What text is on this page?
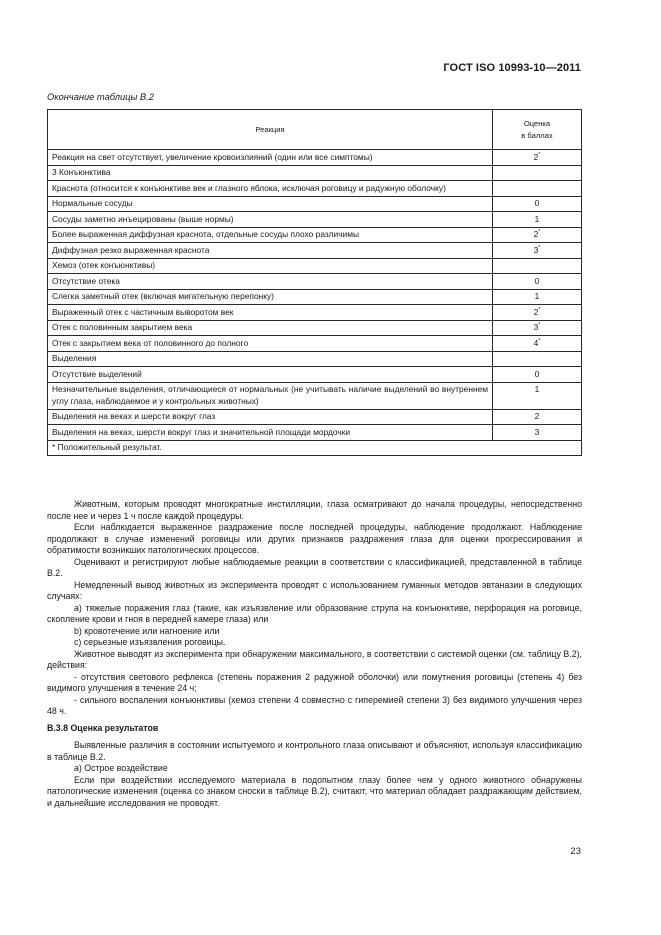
ГОСТ ISO 10993-10—2011
Окончание таблицы В.2
Реакция	Оценка
в баллах
Реакция на свет отсутствует, увеличение кровоизлияний (один или все симптомы)	2*
3 Конъюнктива	
Краснота (относится к конъюнктиве век и глазного яблока, исключая роговицу и радужную оболочку)	
Нормальные сосуды	0
Сосуды заметно инъецированы (выше нормы)	1
Более выраженная диффузная краснота, отдельные сосуды плохо различимы	2*
Диффузная резко выраженная краснота	3*
Хемоз (отек конъюнктивы)	
Отсутствие отека	0
Слегка заметный отек (включая мигательную перепонку)	1
Выраженный отек с частичным выворотом век	2*
Отек с половинным закрытием века	3*
Отек с закрытием века от половинного до полного	4*
Выделения	
Отсутствие выделений	0
Незначительные выделения, отличающиеся от нормальных (не учитывать наличие выделений во внутреннем углу глаза, наблюдаемое и у контрольных животных)	1
Выделения на веках и шерсти вокруг глаз	2
Выделения на веках, шерсти вокруг глаз и значительной площади мордочки	3
* Положительный результат.	

Животным, которым проводят многократные инстилляции, глаза осматривают до начала процедуры, непосредственно после нее и через 1 ч после каждой процедуры.

Если наблюдается выраженное раздражение после последней процедуры, наблюдение продолжают. Наблюдение продолжают в случае изменений роговицы или других признаков раздражения глаза для оценки прогрессирования и обратимости возникших патологических процессов.

Оценивают и регистрируют любые наблюдаемые реакции в соответствии с классификацией, представленной в таблице В.2.

Немедленный вывод животных из эксперимента проводят с использованием гуманных методов эвтаназии в следующих случаях:

a) тяжелые поражения глаз (такие, как изъязвление или образование струпа на конъюнктиве, перфорация на роговице, скопление крови и гноя в передней камере глаза) или

b) кровотечение или нагноение или

c) серьезные изъязвления роговицы.

Животное выводят из эксперимента при обнаружении максимального, в соответствии с системой оценки (см. таблицу В.2), действия:

- отсутствия светового рефлекса (степень поражения 2 радужной оболочки) или помутнения роговицы (степень 4) без видимого улучшения в течение 24 ч;

- сильного воспаления конъюнктивы (хемоз степени 4 совместно с гиперемией степени 3) без видимого улучшения через 48 ч.

В.3.8 Оценка результатов

Выявленные различия в состоянии испытуемого и контрольного глаза описывают и объясняют, используя классификацию в таблице В.2.

a) Острое воздействие

Если при воздействии исследуемого материала в подопытном глазу более чем у одного животного обнаружены патологические изменения (оценка со знаком сноски в таблице В.2), считают, что материал обладает раздражающим действием, и дальнейшие исследования не проводят.

23
